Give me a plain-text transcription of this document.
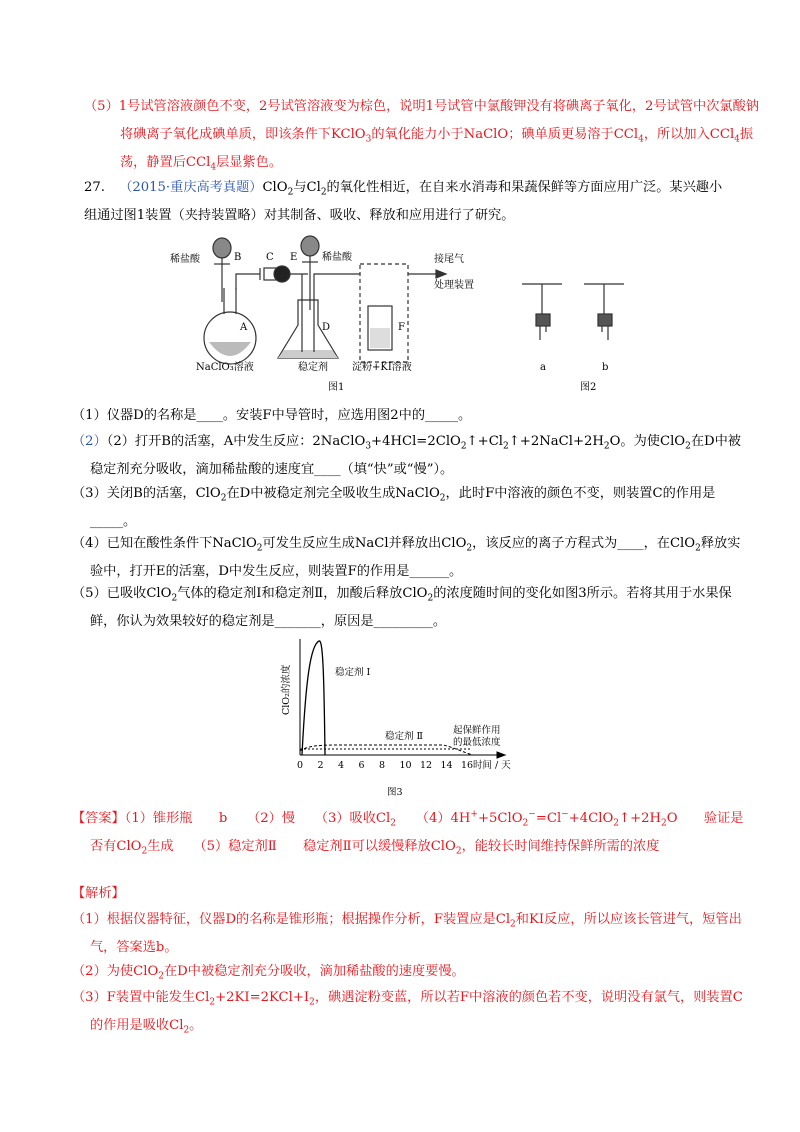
（5）1号试管溶液颜色不变，2号试管溶液变为棕色，说明1号试管中氯酸钾没有将碘离子氧化，2号试管中次氯酸钠将碘离子氧化成碘单质，即该条件下KClO$_3$的氧化能力小于NaClO；碘单质更易溶于CCl$_4$，所以加入CCl$_4$振荡，静置后CCl$_4$层显紫色。
27. （2015·重庆高考真题）ClO$_2$与$Cl_2$的氧化性相近，在自来水消毒和果蔬保鲜等方面应用广泛。某兴趣小组通过图1装置（夹持装置略）对其制备、吸收、释放和应用进行了研究。
稀盐酸	B C E 稀盐酸
A	D	F
NaClO₃溶液	稳定剂 淀粉+KI溶液
接尾气
处理装置
图1
a	b
图2
（1）仪器D的名称是____。安装F中导管时，应选用图2中的_____。
（2）（2）打开B的活塞，A中发生反应：$2NaClO_3+4HCl=2ClO_2↑+Cl_2↑+2NaCl+2H_2O$。为使ClO$_2$在D中被稳定剂充分吸收，滴加稀盐酸的速度宜____（填“快”或“慢”）。
（3）关闭B的活塞，ClO$_2$在D中被稳定剂完全吸收生成NaClO$_2$，此时F中溶液的颜色不变，则装置C的作用是_____。
（4）已知在酸性条件下NaClO$_2$可发生反应生成NaCl并释放出ClO$_2$，该反应的离子方程式为____，在ClO$_2$释放实验中，打开E的活塞，D中发生反应，则装置F的作用是______。
（5）已吸收ClO$_2$气体的稳定剂Ⅰ和稳定剂Ⅱ，加酸后释放ClO$_2$的浓度随时间的变化如图3所示。若将其用于水果保鲜，你认为效果较好的稳定剂是_______，原因是_________。
ClO₂的浓度	稳定剂 Ⅰ
稳定剂 Ⅱ
起保鲜作用
的最低浓度
时间 / 天
图3
0 2 4 6 8 10 12 14 16
【答案】（1）锥形瓶　　b　　（2）慢　　（3）吸收$Cl_2$　　$(4)4H^++5ClO_2^-=Cl^-+4ClO_2↑+2H_2O$　　验证是否有ClO$_2$生成　　（5）稳定剂Ⅱ　　稳定剂Ⅱ可以缓慢释放ClO$_2$，能较长时间维持保鲜所需的浓度
【解析】
（1）根据仪器特征，仪器D的名称是锥形瓶；根据操作分析，F装置应是$Cl_2$和KI反应，所以应该长管进气，短管出气，答案选b。
（2）为使ClO$_2$在D中被稳定剂充分吸收，滴加稀盐酸的速度要慢。
（3）F装置中能发生$Cl_2+2KI=2KCl+I_2$，碘遇淀粉变蓝，所以若F中溶液的颜色若不变，说明没有氯气，则装置C的作用是吸收$Cl_2$。
